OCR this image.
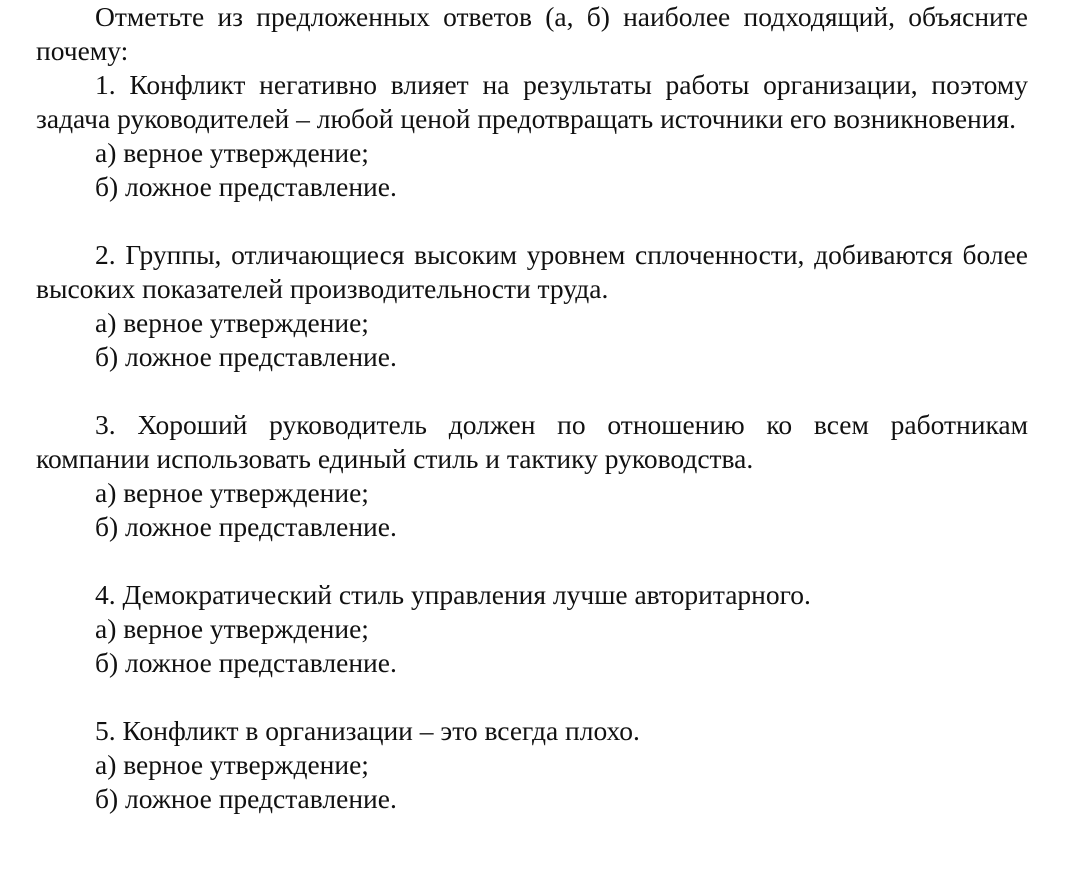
Отметьте из предложенных ответов (а, б) наиболее подходящий, объясните почему:

1. Конфликт негативно влияет на результаты работы организации, поэтому задача руководителей – любой ценой предотвращать источники его возникновения.

а) верное утверждение;

б) ложное представление.

2. Группы, отличающиеся высоким уровнем сплоченности, добиваются более высоких показателей производительности труда.

а) верное утверждение;

б) ложное представление.

3. Хороший руководитель должен по отношению ко всем работникам компании использовать единый стиль и тактику руководства.

а) верное утверждение;

б) ложное представление.

4. Демократический стиль управления лучше авторитарного.

а) верное утверждение;

б) ложное представление.

5. Конфликт в организации – это всегда плохо.

а) верное утверждение;

б) ложное представление.
